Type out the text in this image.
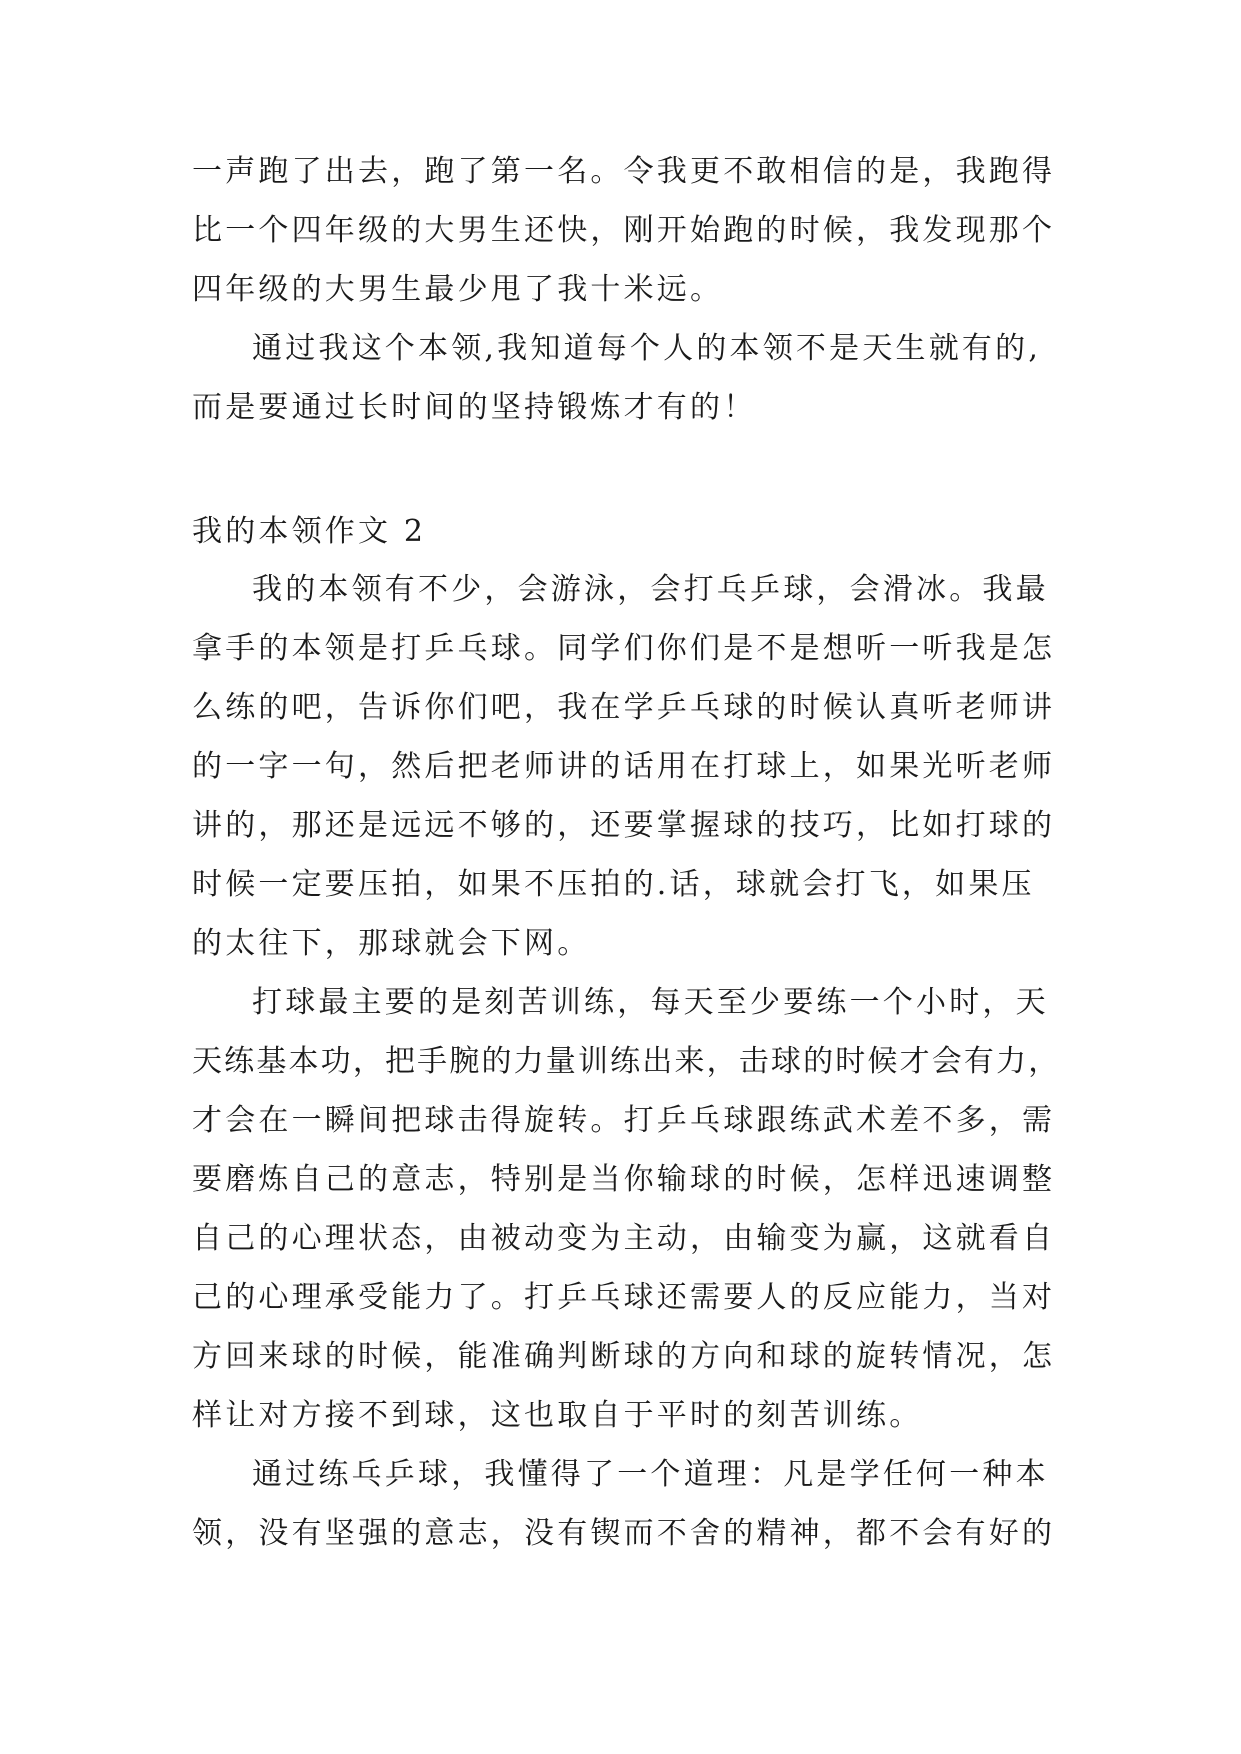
一声跑了出去，跑了第一名。令我更不敢相信的是，我跑得
比一个四年级的大男生还快，刚开始跑的时候，我发现那个
四年级的大男生最少甩了我十米远。
通过我这个本领,我知道每个人的本领不是天生就有的,
而是要通过长时间的坚持锻炼才有的！
我的本领作文 2
我的本领有不少，会游泳，会打乓乒球，会滑冰。我最
拿手的本领是打乒乓球。同学们你们是不是想听一听我是怎
么练的吧，告诉你们吧，我在学乒乓球的时候认真听老师讲
的一字一句，然后把老师讲的话用在打球上，如果光听老师
讲的，那还是远远不够的，还要掌握球的技巧，比如打球的
时候一定要压拍，如果不压拍的.话，球就会打飞，如果压
的太往下，那球就会下网。
打球最主要的是刻苦训练，每天至少要练一个小时，天
天练基本功，把手腕的力量训练出来，击球的时候才会有力，
才会在一瞬间把球击得旋转。打乒乓球跟练武术差不多，需
要磨炼自己的意志，特别是当你输球的时候，怎样迅速调整
自己的心理状态，由被动变为主动，由输变为赢，这就看自
己的心理承受能力了。打乒乓球还需要人的反应能力，当对
方回来球的时候，能准确判断球的方向和球的旋转情况，怎
样让对方接不到球，这也取自于平时的刻苦训练。
通过练乓乒球，我懂得了一个道理：凡是学任何一种本
领，没有坚强的意志，没有锲而不舍的精神，都不会有好的
